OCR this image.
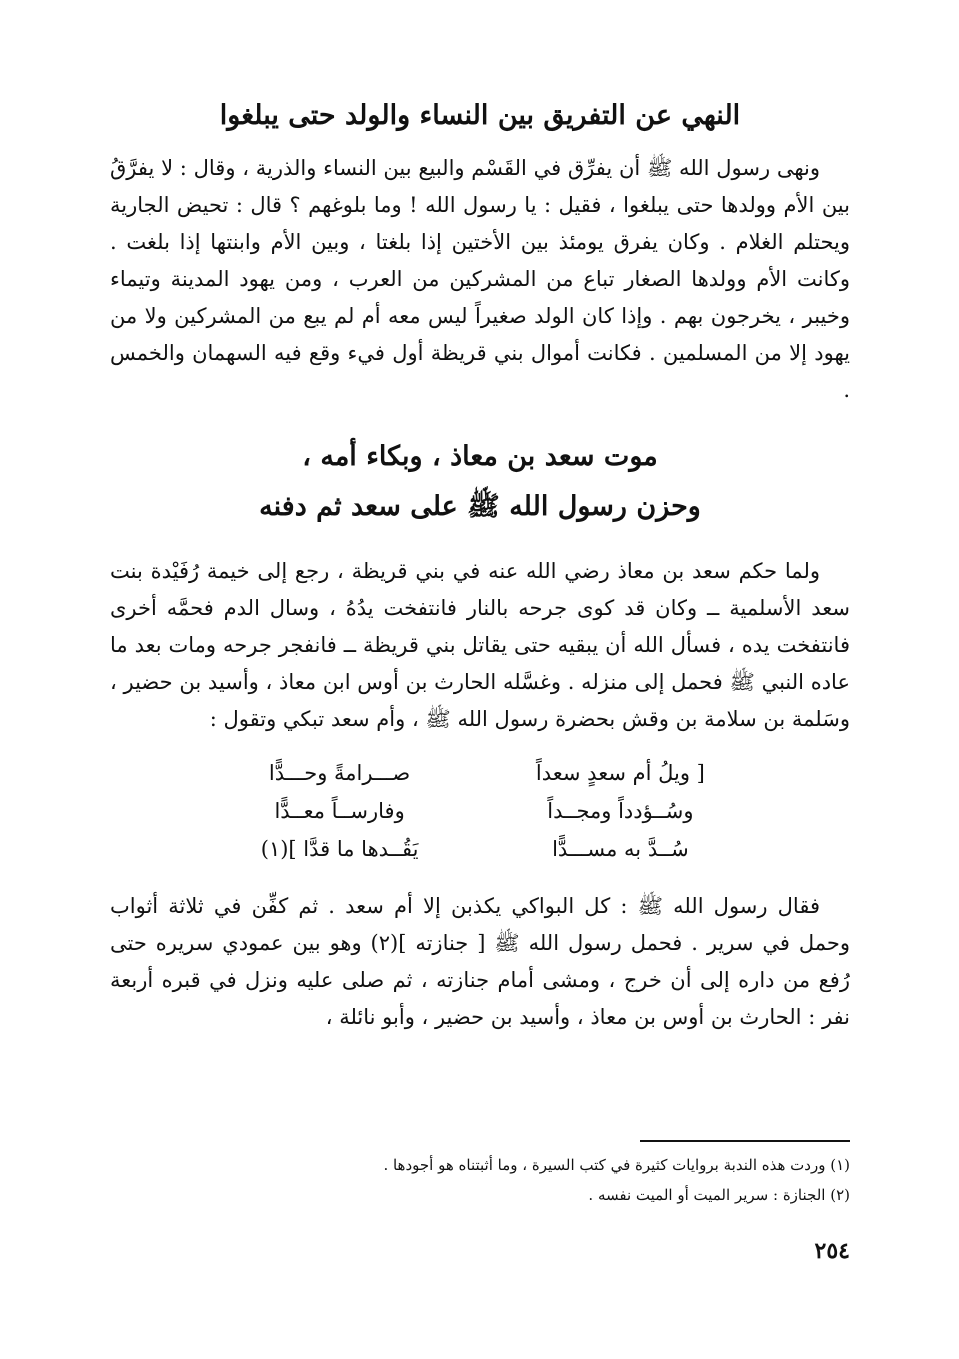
النهي عن التفريق بين النساء والولد حتى يبلغوا
ونهى رسول الله ﷺ أن يفرِّق في القَسْم والبيع بين النساء والذرية ، وقال : لا يفرَّقُ بين الأم وولدها حتى يبلغوا ، فقيل : يا رسول الله ! وما بلوغهم ؟ قال : تحيض الجارية ويحتلم الغلام . وكان يفرق يومئذ بين الأختين إذا بلغتا ، وبين الأم وابنتها إذا بلغت . وكانت الأم وولدها الصغار تباع من المشركين من العرب ، ومن يهود المدينة وتيماء وخيبر ، يخرجون بهم . وإذا كان الولد صغيراً ليس معه أم لم يبع من المشركين ولا من يهود إلا من المسلمين . فكانت أموال بني قريظة أول فيء وقع فيه السهمان والخمس .
موت سعد بن معاذ ، وبكاء أمه ،
وحزن رسول الله ﷺ على سعد ثم دفنه
ولما حكم سعد بن معاذ رضي الله عنه في بني قريظة ، رجع إلى خيمة رُفَيْدة بنت سعد الأسلمية ــ وكان قد كوى جرحه بالنار فانتفخت يدُهُ ، وسال الدم فحمَّه أخرى فانتفخت يده ، فسأل الله أن يبقيه حتى يقاتل بني قريظة ــ فانفجر جرحه ومات بعد ما عاده النبي ﷺ فحمل إلى منزله . وغسَّله الحارث بن أوس ابن معاذ ، وأسيد بن حضير ، وسَلمة بن سلامة بن وقش بحضرة رسول الله ﷺ ، وأم سعد تبكي وتقول :
[ ويلُ أم سعدٍ سعداً
صـــرامةً وحـــدًّا
وسُــؤدداً ومجــداً
وفارســاً معــدًّا
سُــدَّ به مســـدًّا
يَقُــدها ما قدَّا ](١)
فقال رسول الله ﷺ : كل البواكي يكذبن إلا أم سعد . ثم كفِّن في ثلاثة أثواب وحمل في سرير . فحمل رسول الله ﷺ [ جنازته ](٢) وهو بين عمودي سريره حتى رُفع من داره إلى أن خرج ، ومشى أمام جنازته ، ثم صلى عليه ونزل في قبره أربعة نفر : الحارث بن أوس بن معاذ ، وأسيد بن حضير ، وأبو نائلة ،
(١) وردت هذه الندبة بروايات كثيرة في كتب السيرة ، وما أثبتناه هو أجودها .
(٢) الجنازة : سرير الميت أو الميت نفسه .
٢٥٤
